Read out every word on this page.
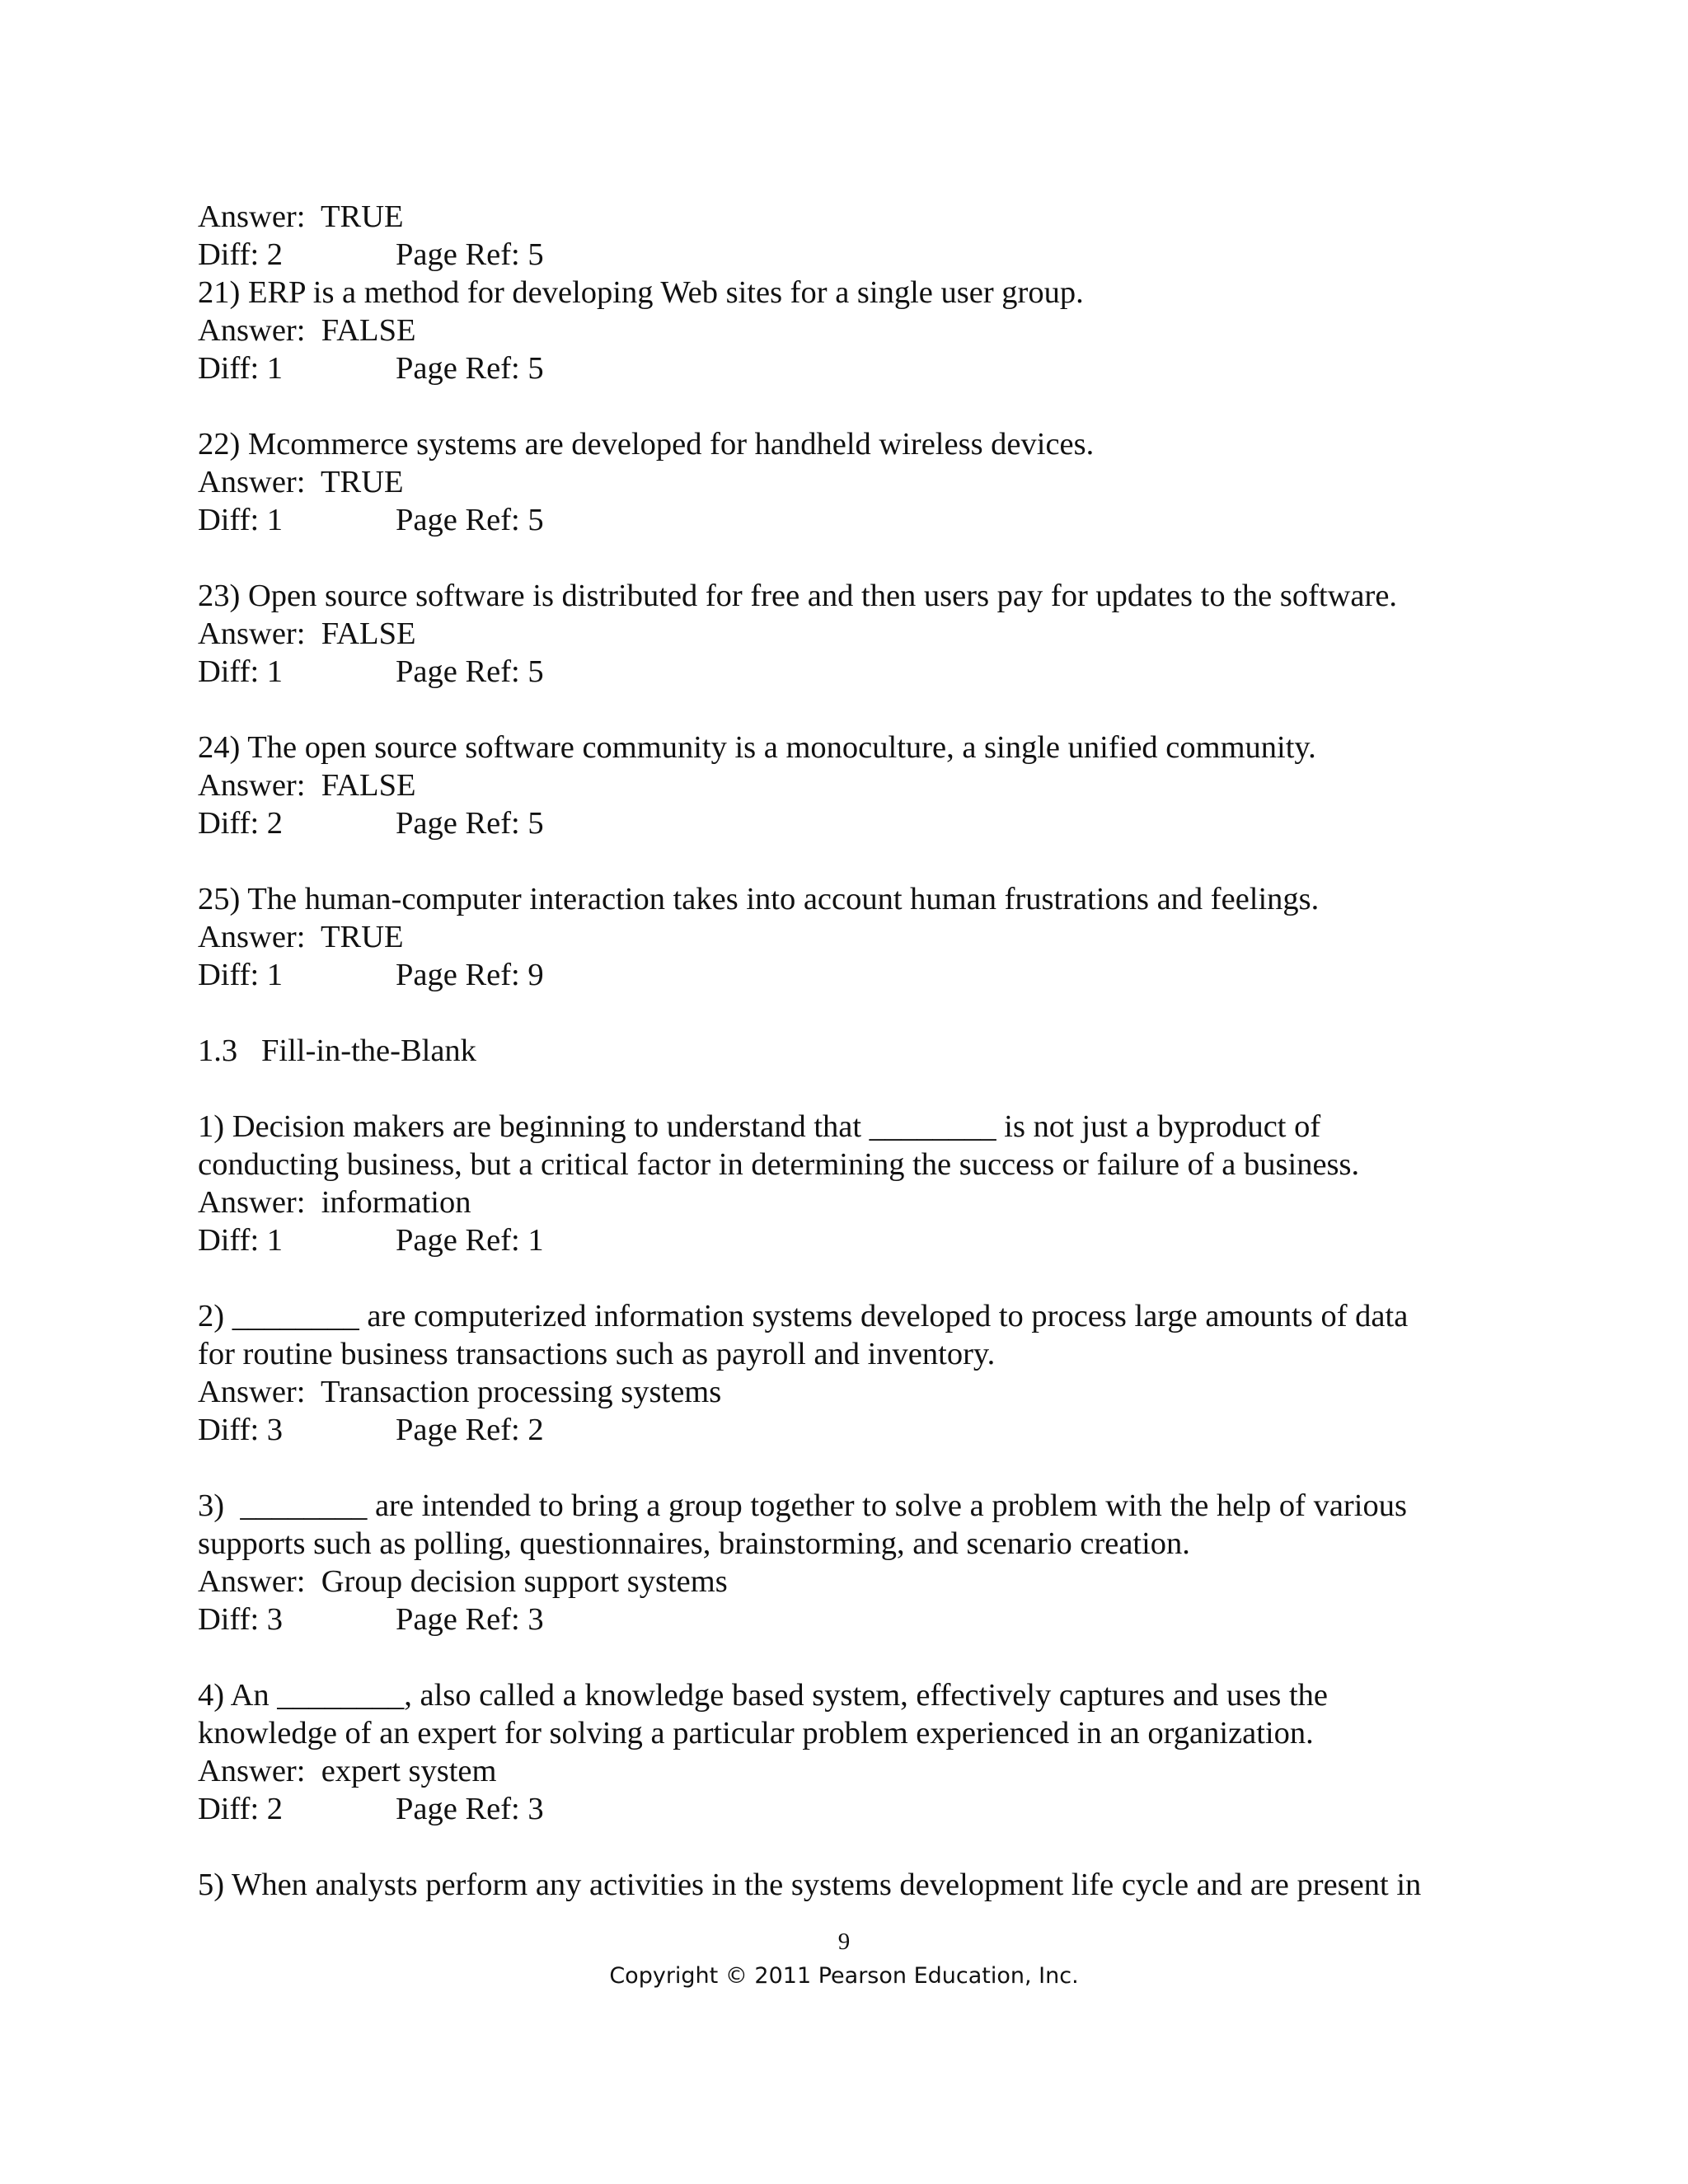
Answer:  TRUE
Diff: 2	Page Ref: 5
21) ERP is a method for developing Web sites for a single user group.
Answer:  FALSE
Diff: 1	Page Ref: 5
22) Mcommerce systems are developed for handheld wireless devices.
Answer:  TRUE
Diff: 1	Page Ref: 5
23) Open source software is distributed for free and then users pay for updates to the software.
Answer:  FALSE
Diff: 1	Page Ref: 5
24) The open source software community is a monoculture, a single unified community.
Answer:  FALSE
Diff: 2	Page Ref: 5
25) The human-computer interaction takes into account human frustrations and feelings.
Answer:  TRUE
Diff: 1	Page Ref: 9
1.3   Fill-in-the-Blank
1) Decision makers are beginning to understand that ________ is not just a byproduct of
conducting business, but a critical factor in determining the success or failure of a business.
Answer:  information
Diff: 1	Page Ref: 1
2) ________ are computerized information systems developed to process large amounts of data
for routine business transactions such as payroll and inventory.
Answer:  Transaction processing systems
Diff: 3	Page Ref: 2
3)  ________ are intended to bring a group together to solve a problem with the help of various
supports such as polling, questionnaires, brainstorming, and scenario creation.
Answer:  Group decision support systems
Diff: 3	Page Ref: 3
4) An ________, also called a knowledge based system, effectively captures and uses the
knowledge of an expert for solving a particular problem experienced in an organization.
Answer:  expert system
Diff: 2	Page Ref: 3
5) When analysts perform any activities in the systems development life cycle and are present in
9
Copyright © 2011 Pearson Education, Inc.
